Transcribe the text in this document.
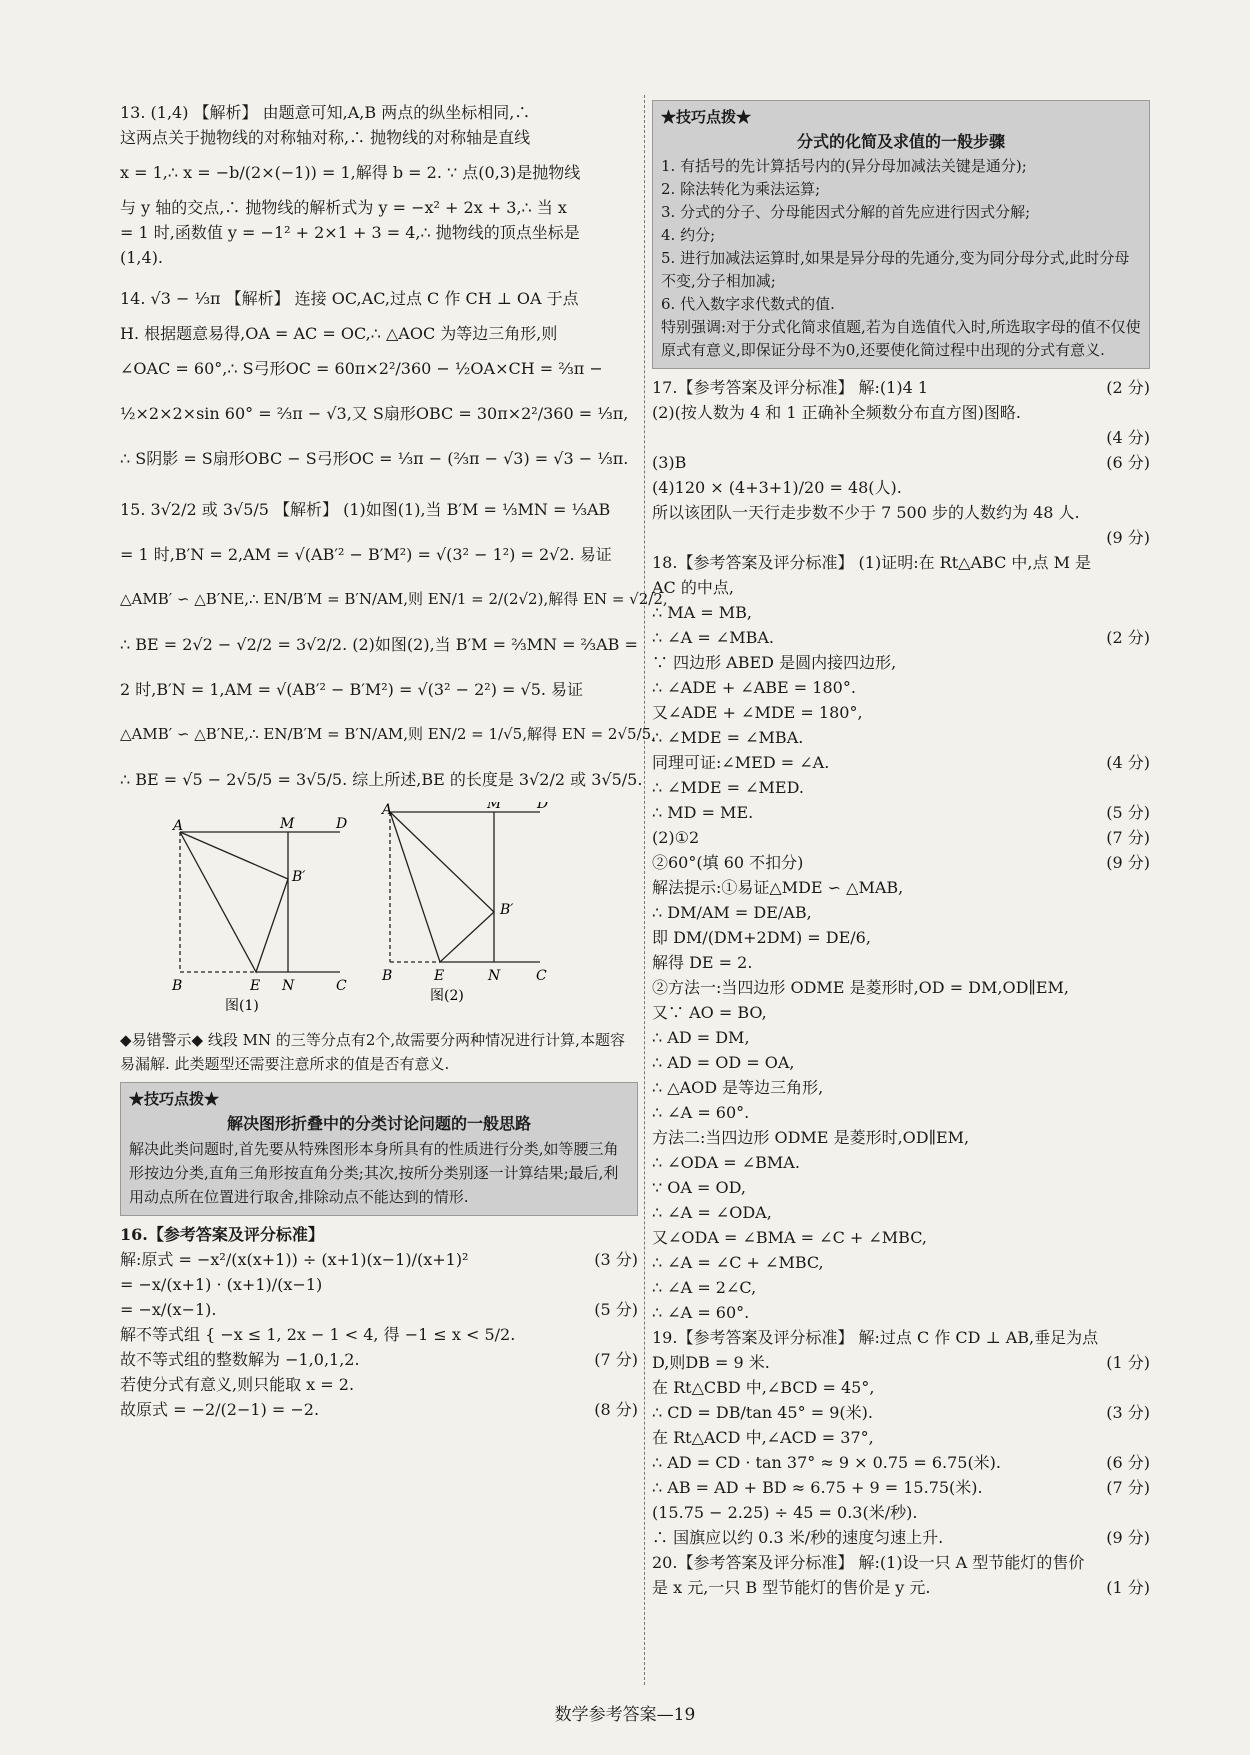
13. (1,4) 【解析】 由题意可知,A,B 两点的纵坐标相同,∴
这两点关于抛物线的对称轴对称,∴ 抛物线的对称轴是直线
x = 1,∴ x = −b/(2×(−1)) = 1,解得 b = 2. ∵ 点(0,3)是抛物线
与 y 轴的交点,∴ 抛物线的解析式为 y = −x² + 2x + 3,∴ 当 x
= 1 时,函数值 y = −1² + 2×1 + 3 = 4,∴ 抛物线的顶点坐标是
(1,4).
14. √3 − ⅓π 【解析】 连接 OC,AC,过点 C 作 CH ⊥ OA 于点
H. 根据题意易得,OA = AC = OC,∴ △AOC 为等边三角形,则
∠OAC = 60°,∴ S弓形OC = 60π×2²/360 − ½OA×CH = ⅔π −
½×2×2×sin 60° = ⅔π − √3,又 S扇形OBC = 30π×2²/360 = ⅓π,
∴ S阴影 = S扇形OBC − S弓形OC = ⅓π − (⅔π − √3) = √3 − ⅓π.
15. 3√2/2 或 3√5/5 【解析】 (1)如图(1),当 B′M = ⅓MN = ⅓AB
= 1 时,B′N = 2,AM = √(AB′² − B′M²) = √(3² − 1²) = 2√2. 易证
△AMB′ ∽ △B′NE,∴ EN/B′M = B′N/AM,则 EN/1 = 2/(2√2),解得 EN = √2/2,
∴ BE = 2√2 − √2/2 = 3√2/2. (2)如图(2),当 B′M = ⅔MN = ⅔AB =
2 时,B′N = 1,AM = √(AB′² − B′M²) = √(3² − 2²) = √5. 易证
△AMB′ ∽ △B′NE,∴ EN/B′M = B′N/AM,则 EN/2 = 1/√5,解得 EN = 2√5/5,
∴ BE = √5 − 2√5/5 = 3√5/5. 综上所述,BE 的长度是 3√2/2 或 3√5/5.
A	M	D
B′
B	E N	C
图(1)
A	M	D
B′
B	E	N	C
图(2)
◆易错警示◆ 线段 MN 的三等分点有2个,故需要分两种情况进行计算,本题容易漏解. 此类题型还需要注意所求的值是否有意义.
★技巧点拨★
解决图形折叠中的分类讨论问题的一般思路
解决此类问题时,首先要从特殊图形本身所具有的性质进行分类,如等腰三角形按边分类,直角三角形按直角分类;其次,按所分类别逐一计算结果;最后,利用动点所在位置进行取舍,排除动点不能达到的情形.
16.【参考答案及评分标准】
解:原式 = −x²/(x(x+1)) ÷ (x+1)(x−1)/(x+1)²	(3 分)
= −x/(x+1) · (x+1)/(x−1)
= −x/(x−1).	(5 分)
解不等式组 { −x ≤ 1, 2x − 1 < 4, 得 −1 ≤ x < 5/2.
故不等式组的整数解为 −1,0,1,2.	(7 分)
若使分式有意义,则只能取 x = 2.
故原式 = −2/(2−1) = −2.	(8 分)
★技巧点拨★
分式的化简及求值的一般步骤
1. 有括号的先计算括号内的(异分母加减法关键是通分);
2. 除法转化为乘法运算;
3. 分式的分子、分母能因式分解的首先应进行因式分解;
4. 约分;
5. 进行加减法运算时,如果是异分母的先通分,变为同分母分式,此时分母不变,分子相加减;
6. 代入数字求代数式的值.
特别强调:对于分式化简求值题,若为自选值代入时,所选取字母的值不仅使原式有意义,即保证分母不为0,还要使化简过程中出现的分式有意义.
17.【参考答案及评分标准】 解:(1)4 1	(2 分)
(2)(按人数为 4 和 1 正确补全频数分布直方图)图略.
(4 分)
(3)B	(6 分)
(4)120 × (4+3+1)/20 = 48(人).
所以该团队一天行走步数不少于 7 500 步的人数约为 48 人.
(9 分)
18.【参考答案及评分标准】 (1)证明:在 Rt△ABC 中,点 M 是
AC 的中点,
∴ MA = MB,
∴ ∠A = ∠MBA.	(2 分)
∵ 四边形 ABED 是圆内接四边形,
∴ ∠ADE + ∠ABE = 180°.
又∠ADE + ∠MDE = 180°,
∴ ∠MDE = ∠MBA.
同理可证:∠MED = ∠A.	(4 分)
∴ ∠MDE = ∠MED.
∴ MD = ME.	(5 分)
(2)①2	(7 分)
②60°(填 60 不扣分)	(9 分)
解法提示:①易证△MDE ∽ △MAB,
∴ DM/AM = DE/AB,
即 DM/(DM+2DM) = DE/6,
解得 DE = 2.
②方法一:当四边形 ODME 是菱形时,OD = DM,OD∥EM,
又∵ AO = BO,
∴ AD = DM,
∴ AD = OD = OA,
∴ △AOD 是等边三角形,
∴ ∠A = 60°.
方法二:当四边形 ODME 是菱形时,OD∥EM,
∴ ∠ODA = ∠BMA.
∵ OA = OD,
∴ ∠A = ∠ODA,
又∠ODA = ∠BMA = ∠C + ∠MBC,
∴ ∠A = ∠C + ∠MBC,
∴ ∠A = 2∠C,
∴ ∠A = 60°.
19.【参考答案及评分标准】 解:过点 C 作 CD ⊥ AB,垂足为点
D,则DB = 9 米.	(1 分)
在 Rt△CBD 中,∠BCD = 45°,
∴ CD = DB/tan 45° = 9(米).	(3 分)
在 Rt△ACD 中,∠ACD = 37°,
∴ AD = CD · tan 37° ≈ 9 × 0.75 = 6.75(米).	(6 分)
∴ AB = AD + BD ≈ 6.75 + 9 = 15.75(米).	(7 分)
(15.75 − 2.25) ÷ 45 = 0.3(米/秒).
∴ 国旗应以约 0.3 米/秒的速度匀速上升.	(9 分)
20.【参考答案及评分标准】 解:(1)设一只 A 型节能灯的售价
是 x 元,一只 B 型节能灯的售价是 y 元.	(1 分)
数学参考答案—19
